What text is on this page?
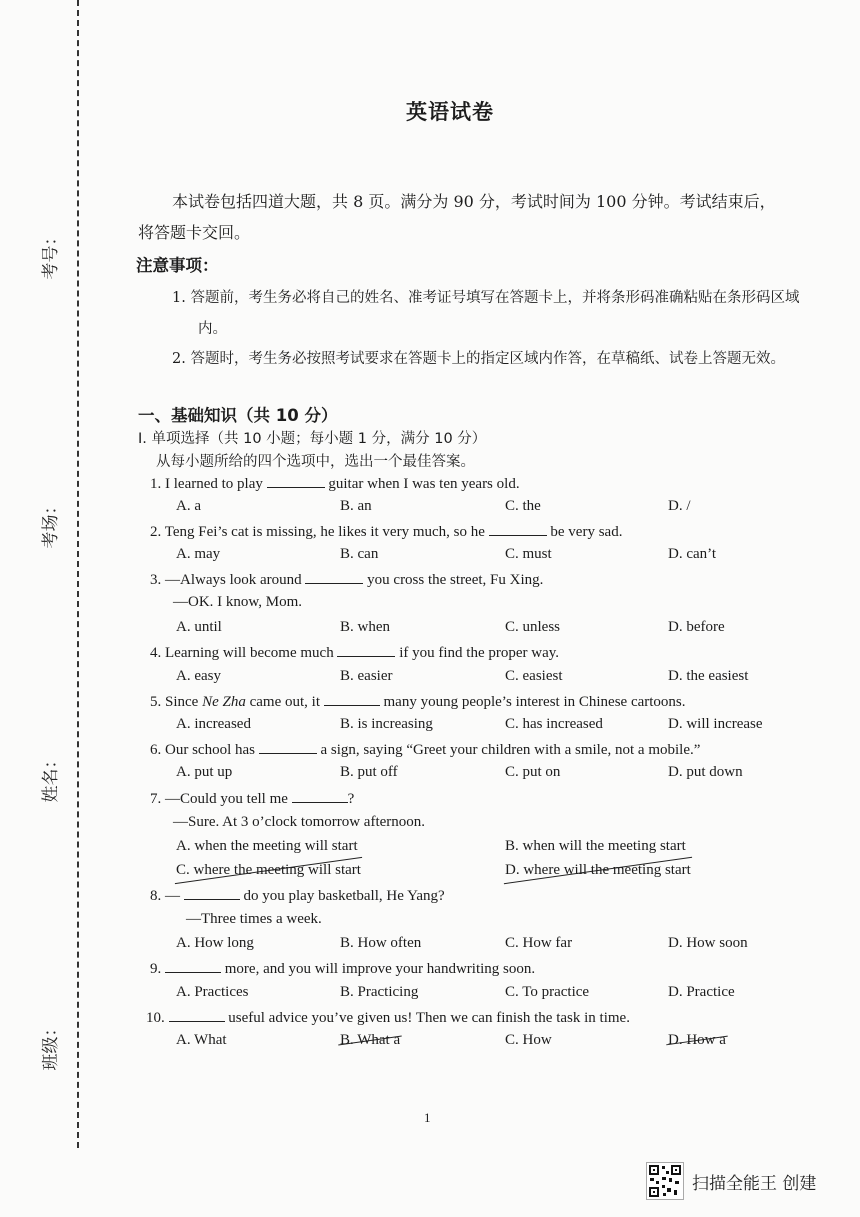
考号：
考场：
姓名：
班级：
英语试卷
本试卷包括四道大题，共 8 页。满分为 90 分，考试时间为 100 分钟。考试结束后，将答题卡交回。
注意事项：
1. 答题前，考生务必将自己的姓名、准考证号填写在答题卡上，并将条形码准确粘贴在条形码区域内。
2. 答题时，考生务必按照考试要求在答题卡上的指定区域内作答，在草稿纸、试卷上答题无效。
一、基础知识（共 10 分）
I. 单项选择（共 10 小题；每小题 1 分，满分 10 分）
从每小题所给的四个选项中，选出一个最佳答案。
1. I learned to play	guitar when I was ten years old.
A. a	B. an	C. the	D. /
2. Teng Fei’s cat is missing, he likes it very much, so he	be very sad.
A. may	B. can	C. must	D. can’t
3. —Always look around	you cross the street, Fu Xing.
—OK. I know, Mom.
A. until	B. when	C. unless	D. before
4. Learning will become much	if you find the proper way.
A. easy	B. easier	C. easiest	D. the easiest
5. Since Ne Zha came out, it	many young people’s interest in Chinese cartoons.
A. increased	B. is increasing	C. has increased	D. will increase
6. Our school has	a sign, saying “Greet your children with a smile, not a mobile.”
A. put up	B. put off	C. put on	D. put down
7. —Could you tell me	?
—Sure. At 3 o’clock tomorrow afternoon.
A. when the meeting will start	B. when will the meeting start
C. where the meeting will start	D. where will the meeting start
8. —	do you play basketball, He Yang?
—Three times a week.
A. How long	B. How often	C. How far	D. How soon
9.	more, and you will improve your handwriting soon.
A. Practices	B. Practicing	C. To practice	D. Practice
10.	useful advice you’ve given us! Then we can finish the task in time.
A. What	B. What a	C. How	D. How a
1
扫描全能王 创建
